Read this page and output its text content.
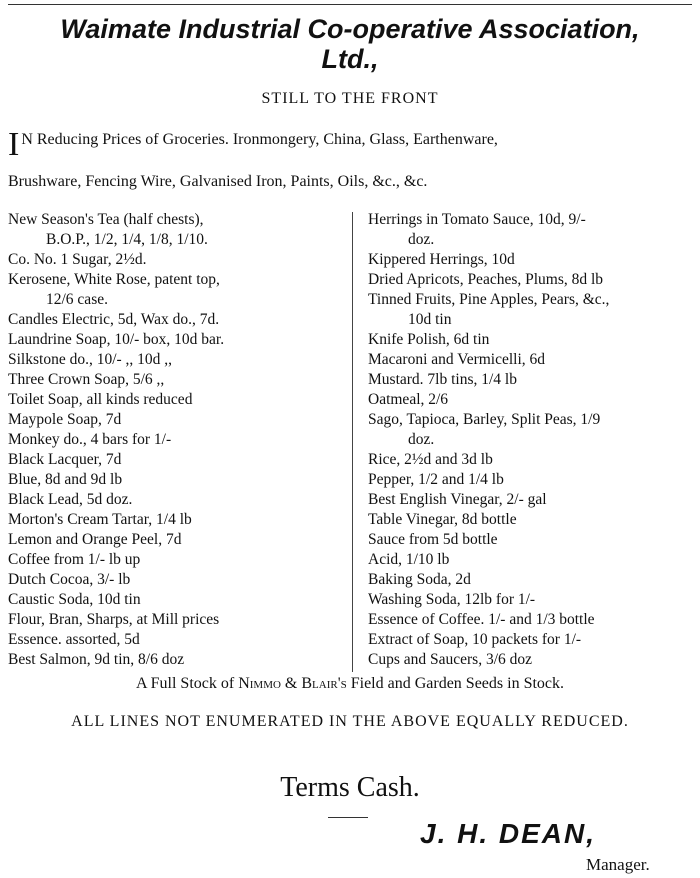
Waimate Industrial Co-operative Association,
Ltd.,
STILL TO THE FRONT
I N Reducing Prices of Groceries. Ironmongery, China, Glass, Earthenware,
Brushware, Fencing Wire, Galvanised Iron, Paints, Oils, &c., &c.
New Season's Tea (half chests),
B.O.P., 1/2, 1/4, 1/8, 1/10.
Co. No. 1 Sugar, 2½d.
Kerosene, White Rose, patent top,
12/6 case.
Candles Electric, 5d, Wax do., 7d.
Laundrine Soap, 10/- box, 10d bar.
Silkstone do., 10/- ,, 10d ,,
Three Crown Soap, 5/6 ,,
Toilet Soap, all kinds reduced
Maypole Soap, 7d
Monkey do., 4 bars for 1/-
Black Lacquer, 7d
Blue, 8d and 9d lb
Black Lead, 5d doz.
Morton's Cream Tartar, 1/4 lb
Lemon and Orange Peel, 7d
Coffee from 1/- lb up
Dutch Cocoa, 3/- lb
Caustic Soda, 10d tin
Flour, Bran, Sharps, at Mill prices
Essence. assorted, 5d
Best Salmon, 9d tin, 8/6 doz
Herrings in Tomato Sauce, 10d, 9/-
doz.
Kippered Herrings, 10d
Dried Apricots, Peaches, Plums, 8d lb
Tinned Fruits, Pine Apples, Pears, &c.,
10d tin
Knife Polish, 6d tin
Macaroni and Vermicelli, 6d
Mustard. 7lb tins, 1/4 lb
Oatmeal, 2/6
Sago, Tapioca, Barley, Split Peas, 1/9
doz.
Rice, 2½d and 3d lb
Pepper, 1/2 and 1/4 lb
Best English Vinegar, 2/- gal
Table Vinegar, 8d bottle
Sauce from 5d bottle
Acid, 1/10 lb
Baking Soda, 2d
Washing Soda, 12lb for 1/-
Essence of Coffee. 1/- and 1/3 bottle
Extract of Soap, 10 packets for 1/-
Cups and Saucers, 3/6 doz
A Full Stock of Nimmo & Blair's Field and Garden Seeds in Stock.
ALL LINES NOT ENUMERATED IN THE ABOVE EQUALLY REDUCED.
Terms Cash.
J. H. DEAN,
Manager.
